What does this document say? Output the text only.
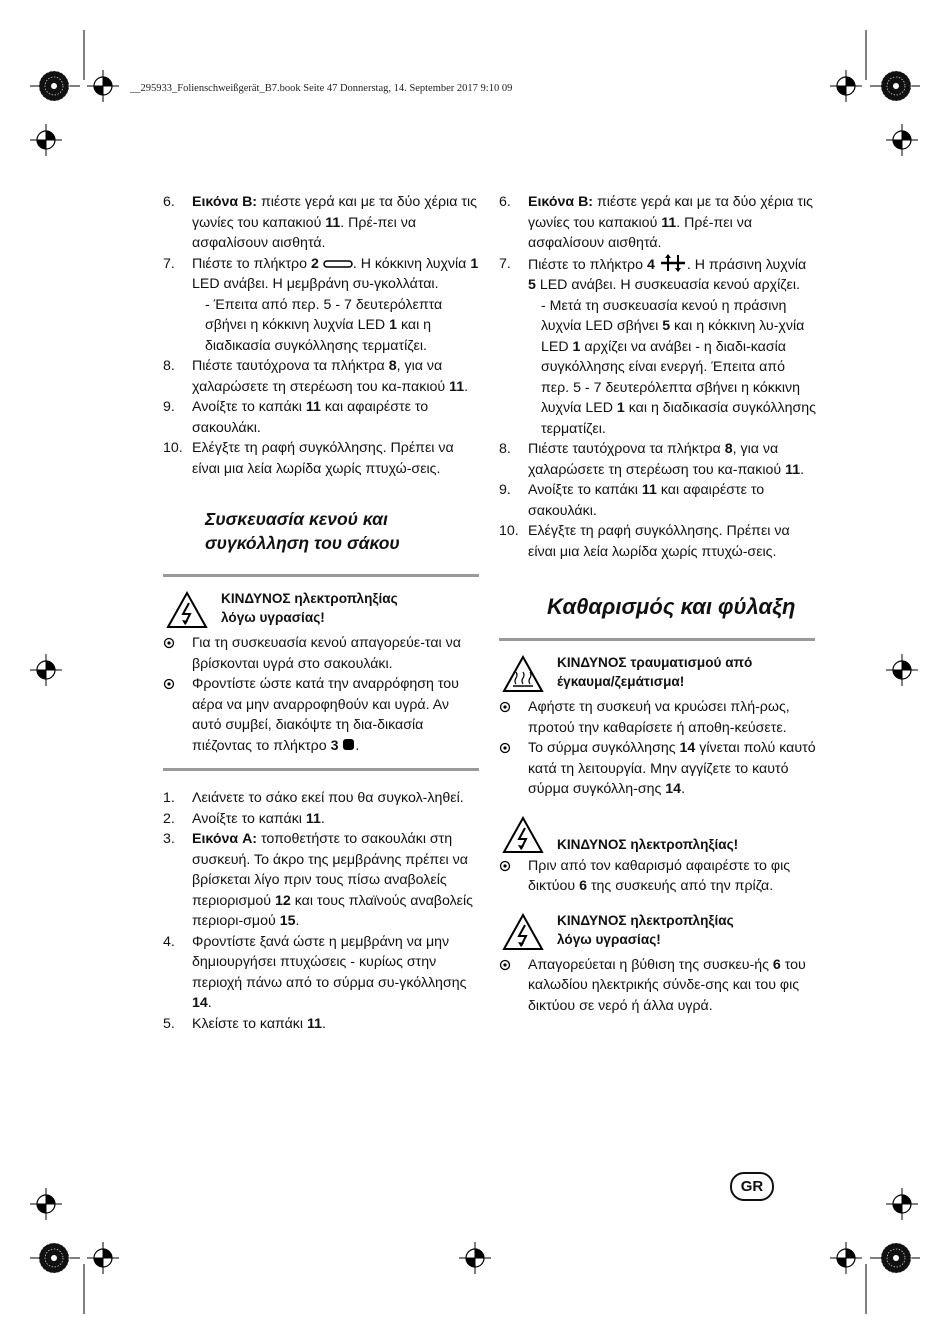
__295933_Folienschweißgerät_B7.book Seite 47 Donnerstag, 14. September 2017 9:10 09
6. Εικόνα B: πιέστε γερά και με τα δύο χέρια τις γωνίες του καπακιού 11. Πρέ-πει να ασφαλίσουν αισθητά.
7. Πιέστε το πλήκτρο 2 . Η κόκκινη λυχνία 1 LED ανάβει. Η μεμβράνη συ-γκολλάται.
- Έπειτα από περ. 5 - 7 δευτερόλεπτα σβήνει η κόκκινη λυχνία LED 1 και η διαδικασία συγκόλλησης τερματίζει.
8. Πιέστε ταυτόχρονα τα πλήκτρα 8, για να χαλαρώσετε τη στερέωση του κα-πακιού 11.
9. Ανοίξτε το καπάκι 11 και αφαιρέστε το σακουλάκι.
10. Ελέγξτε τη ραφή συγκόλλησης. Πρέπει να είναι μια λεία λωρίδα χωρίς πτυχώ-σεις.
Συσκευασία κενού και
συγκόλληση του σάκου
ΚΙΝΔΥΝΟΣ ηλεκτροπληξίας
λόγω υγρασίας!
Για τη συσκευασία κενού απαγορεύε-ται να βρίσκονται υγρά στο σακουλάκι.
Φροντίστε ώστε κατά την αναρρόφηση του αέρα να μην αναρροφηθούν και υγρά. Αν αυτό συμβεί, διακόψτε τη δια-δικασία πιέζοντας το πλήκτρο 3 .
1. Λειάνετε το σάκο εκεί που θα συγκολ-ληθεί.
2. Ανοίξτε το καπάκι 11.
3. Εικόνα A: τοποθετήστε το σακουλάκι στη συσκευή. Το άκρο της μεμβράνης πρέπει να βρίσκεται λίγο πριν τους πίσω αναβολείς περιορισμού 12 και τους πλαϊνούς αναβολείς περιορι-σμού 15.
4. Φροντίστε ξανά ώστε η μεμβράνη να μην δημιουργήσει πτυχώσεις - κυρίως στην περιοχή πάνω από το σύρμα συ-γκόλλησης 14.
5. Κλείστε το καπάκι 11.
6. Εικόνα B: πιέστε γερά και με τα δύο χέρια τις γωνίες του καπακιού 11. Πρέ-πει να ασφαλίσουν αισθητά.
7. Πιέστε το πλήκτρο 4 . Η πράσινη λυχνία 5 LED ανάβει. Η συσκευασία κενού αρχίζει.
- Μετά τη συσκευασία κενού η πράσινη λυχνία LED σβήνει 5 και η κόκκινη λυ-χνία LED 1 αρχίζει να ανάβει - η διαδι-κασία συγκόλλησης είναι ενεργή. Έπειτα από περ. 5 - 7 δευτερόλεπτα σβήνει η κόκκινη λυχνία LED 1 και η διαδικασία συγκόλλησης τερματίζει.
8. Πιέστε ταυτόχρονα τα πλήκτρα 8, για να χαλαρώσετε τη στερέωση του κα-πακιού 11.
9. Ανοίξτε το καπάκι 11 και αφαιρέστε το σακουλάκι.
10. Ελέγξτε τη ραφή συγκόλλησης. Πρέπει να είναι μια λεία λωρίδα χωρίς πτυχώ-σεις.
Καθαρισμός και φύλαξη
ΚΙΝΔΥΝΟΣ τραυματισμού από
έγκαυμα/ζεμάτισμα!
Αφήστε τη συσκευή να κρυώσει πλή-ρως, προτού την καθαρίσετε ή αποθη-κεύσετε.
Το σύρμα συγκόλλησης 14 γίνεται πολύ καυτό κατά τη λειτουργία. Μην αγγίζετε το καυτό σύρμα συγκόλλη-σης 14.
ΚΙΝΔΥΝΟΣ ηλεκτροπληξίας!
Πριν από τον καθαρισμό αφαιρέστε το φις δικτύου 6 της συσκευής από την πρίζα.
ΚΙΝΔΥΝΟΣ ηλεκτροπληξίας
λόγω υγρασίας!
Απαγορεύεται η βύθιση της συσκευ-ής 6 του καλωδίου ηλεκτρικής σύνδε-σης και του φις δικτύου σε νερό ή άλλα υγρά.
GR
